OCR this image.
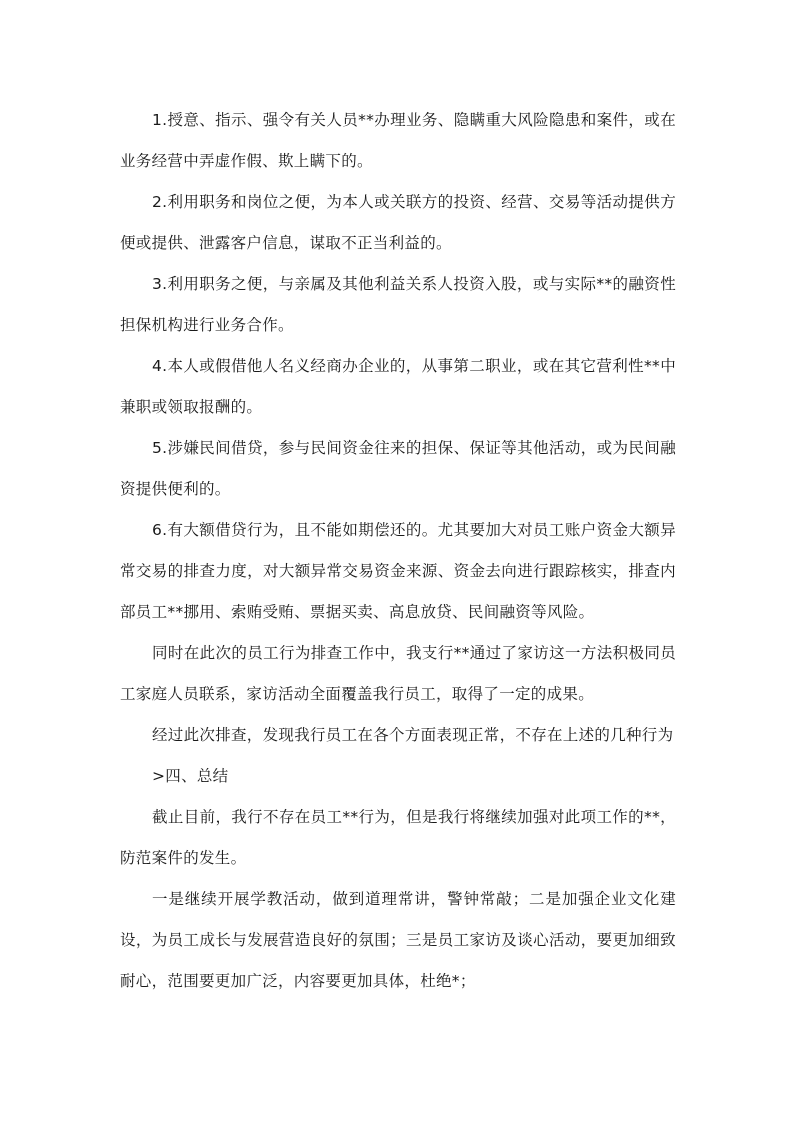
1.授意、指示、强令有关人员**办理业务、隐瞒重大风险隐患和案件，或在业务经营中弄虚作假、欺上瞒下的。

2.利用职务和岗位之便，为本人或关联方的投资、经营、交易等活动提供方便或提供、泄露客户信息，谋取不正当利益的。

3.利用职务之便，与亲属及其他利益关系人投资入股，或与实际**的融资性担保机构进行业务合作。

4.本人或假借他人名义经商办企业的，从事第二职业，或在其它营利性**中兼职或领取报酬的。

5.涉嫌民间借贷，参与民间资金往来的担保、保证等其他活动，或为民间融资提供便利的。

6.有大额借贷行为，且不能如期偿还的。尤其要加大对员工账户资金大额异常交易的排查力度，对大额异常交易资金来源、资金去向进行跟踪核实，排查内部员工**挪用、索贿受贿、票据买卖、高息放贷、民间融资等风险。

同时在此次的员工行为排查工作中，我支行**通过了家访这一方法积极同员工家庭人员联系，家访活动全面覆盖我行员工，取得了一定的成果。

经过此次排查，发现我行员工在各个方面表现正常，不存在上述的几种行为

>四、总结

截止目前，我行不存在员工**行为，但是我行将继续加强对此项工作的**，防范案件的发生。

一是继续开展学教活动，做到道理常讲，警钟常敲；二是加强企业文化建设，为员工成长与发展营造良好的氛围；三是员工家访及谈心活动，要更加细致耐心，范围要更加广泛，内容要更加具体，杜绝*；
